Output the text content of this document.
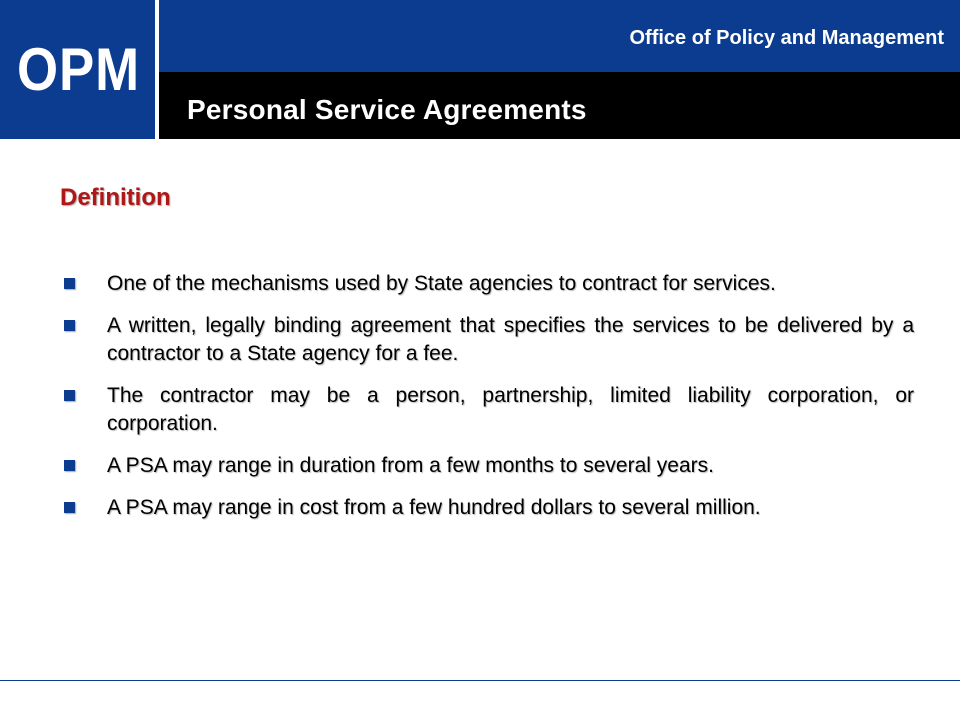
OPM	Office of Policy and Management
Personal Service Agreements
Definition
One of the mechanisms used by State agencies to contract for services.
A written, legally binding agreement that specifies the services to be delivered by a contractor to a State agency for a fee.
The contractor may be a person, partnership, limited liability corporation, or corporation.
A PSA may range in duration from a few months to several years.
A PSA may range in cost from a few hundred dollars to several million.
